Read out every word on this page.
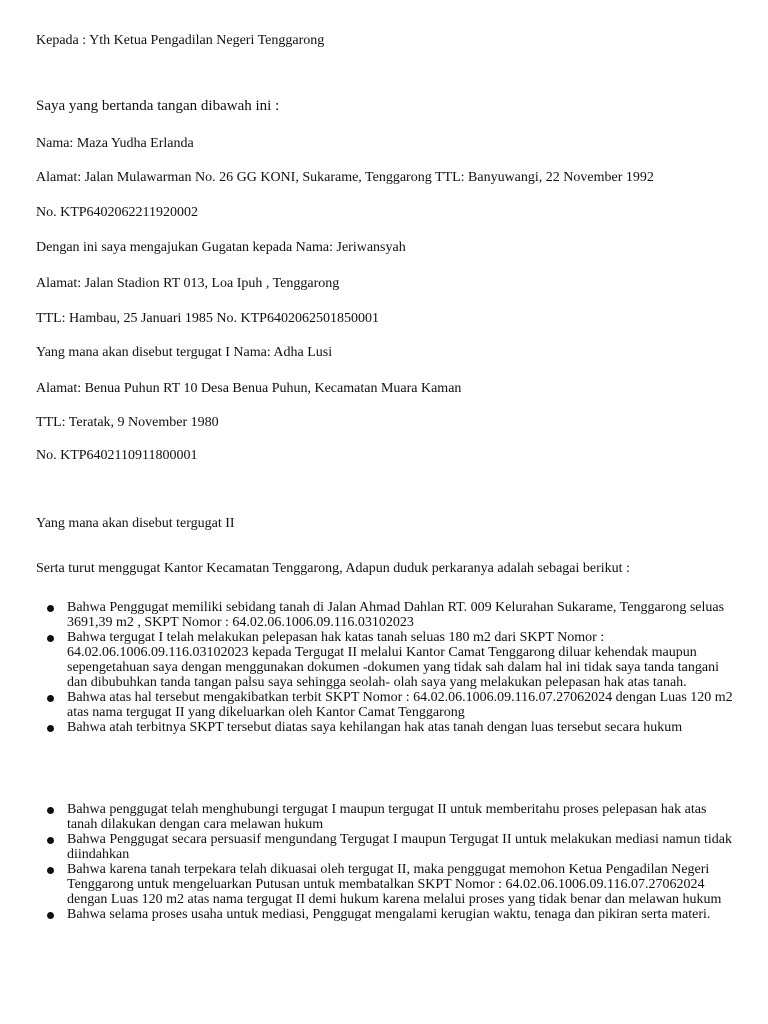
Kepada : Yth Ketua Pengadilan Negeri Tenggarong
Saya yang bertanda tangan dibawah ini :
Nama: Maza Yudha Erlanda
Alamat: Jalan Mulawarman No. 26 GG KONI, Sukarame, Tenggarong TTL: Banyuwangi, 22 November 1992
No. KTP6402062211920002
Dengan ini saya mengajukan Gugatan kepada Nama: Jeriwansyah
Alamat: Jalan Stadion RT 013, Loa Ipuh , Tenggarong
TTL: Hambau, 25 Januari 1985 No. KTP6402062501850001
Yang mana akan disebut tergugat I Nama: Adha Lusi
Alamat: Benua Puhun RT 10 Desa Benua Puhun, Kecamatan Muara Kaman
TTL: Teratak, 9 November 1980
No. KTP6402110911800001
Yang mana akan disebut tergugat II
Serta turut menggugat Kantor Kecamatan Tenggarong, Adapun duduk perkaranya adalah sebagai berikut :
Bahwa Penggugat memiliki sebidang tanah di Jalan Ahmad Dahlan RT. 009 Kelurahan Sukarame, Tenggarong seluas 3691,39 m2 , SKPT Nomor : 64.02.06.1006.09.116.03102023
Bahwa tergugat I telah melakukan pelepasan hak katas tanah seluas 180 m2 dari SKPT Nomor : 64.02.06.1006.09.116.03102023 kepada Tergugat II melalui Kantor Camat Tenggarong diluar kehendak maupun sepengetahuan saya dengan menggunakan dokumen -dokumen yang tidak sah dalam hal ini tidak saya tanda tangani dan dibubuhkan tanda tangan palsu saya sehingga seolah- olah saya yang melakukan pelepasan hak atas tanah.
Bahwa atas hal tersebut mengakibatkan terbit SKPT Nomor : 64.02.06.1006.09.116.07.27062024 dengan Luas 120 m2 atas nama tergugat II yang dikeluarkan oleh Kantor Camat Tenggarong
Bahwa atah terbitnya SKPT tersebut diatas saya kehilangan hak atas tanah dengan luas tersebut secara hukum
Bahwa penggugat telah menghubungi tergugat I maupun tergugat II untuk memberitahu proses pelepasan hak atas tanah dilakukan dengan cara melawan hukum
Bahwa Penggugat secara persuasif mengundang Tergugat I maupun Tergugat II untuk melakukan mediasi namun tidak diindahkan
Bahwa karena tanah terpekara telah dikuasai oleh tergugat II, maka penggugat memohon Ketua Pengadilan Negeri Tenggarong untuk mengeluarkan Putusan untuk membatalkan SKPT Nomor : 64.02.06.1006.09.116.07.27062024 dengan Luas 120 m2 atas nama tergugat II demi hukum karena melalui proses yang tidak benar dan melawan hukum
Bahwa selama proses usaha untuk mediasi, Penggugat mengalami kerugian waktu, tenaga dan pikiran serta materi.
